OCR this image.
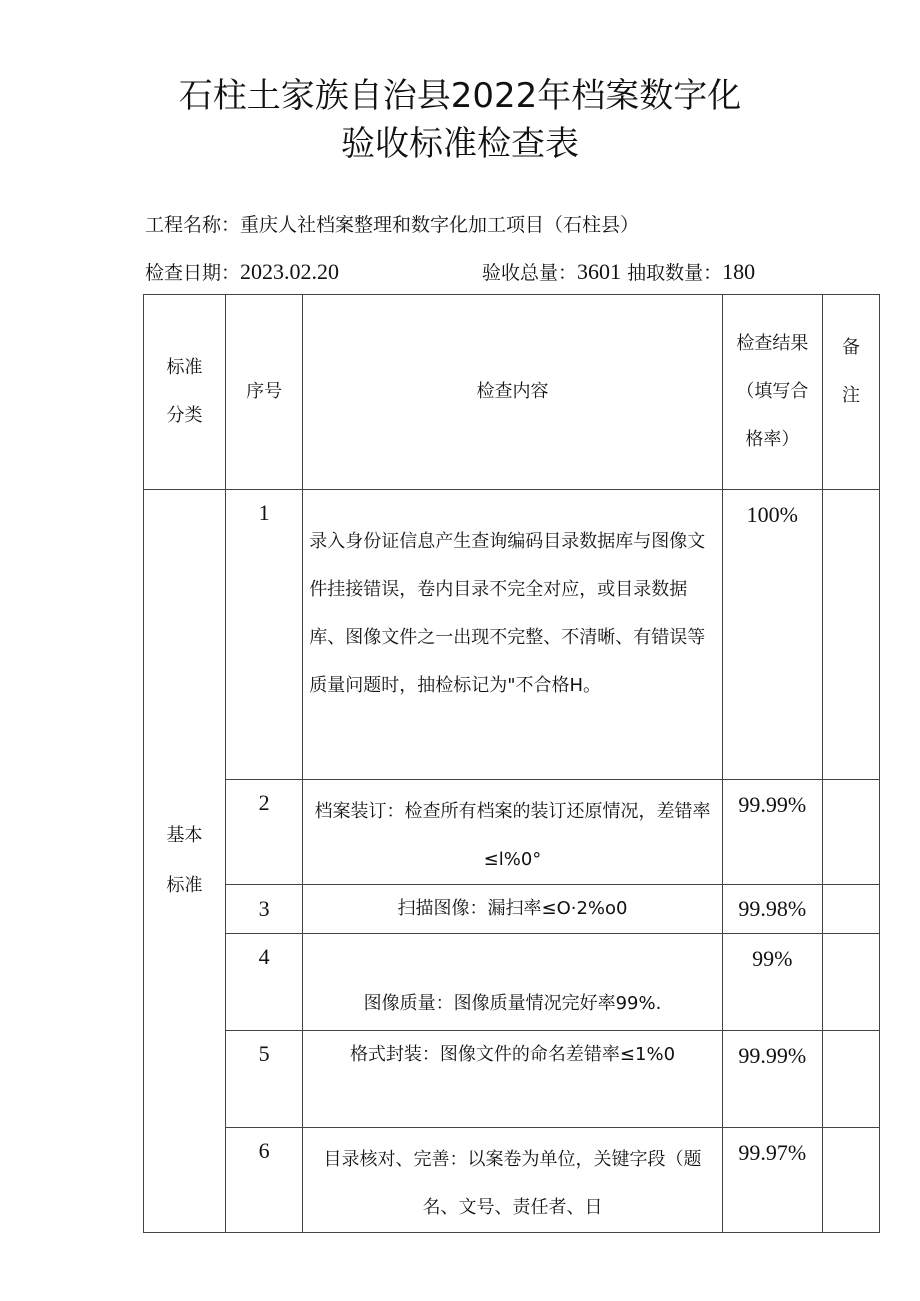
石柱土家族自治县2022年档案数字化
验收标准检查表
工程名称：重庆人社档案整理和数字化加工项目（石柱县）
检查日期：2023.02.20	验收总量：3601 抽取数量：180
标准分类	序号	检查内容	检查结果（填写合格率）	备注

基本标准	1	录入身份证信息产生查询编码目录数据库与图像文件挂接错误，卷内目录不完全对应，或目录数据库、图像文件之一出现不完整、不清晰、有错误等质量问题时，抽检标记为"不合格H。	100%	
	2	档案装订：检查所有档案的装订还原情况，差错率≤l%0°	99.99%	
	3	扫描图像：漏扫率≤O·2%o0	99.98%	
	4	图像质量：图像质量情况完好率99%.	99%	
	5	格式封装：图像文件的命名差错率≤1%0	99.99%	
	6	目录核对、完善：以案卷为单位，关键字段（题名、文号、责任者、日	99.97%	
